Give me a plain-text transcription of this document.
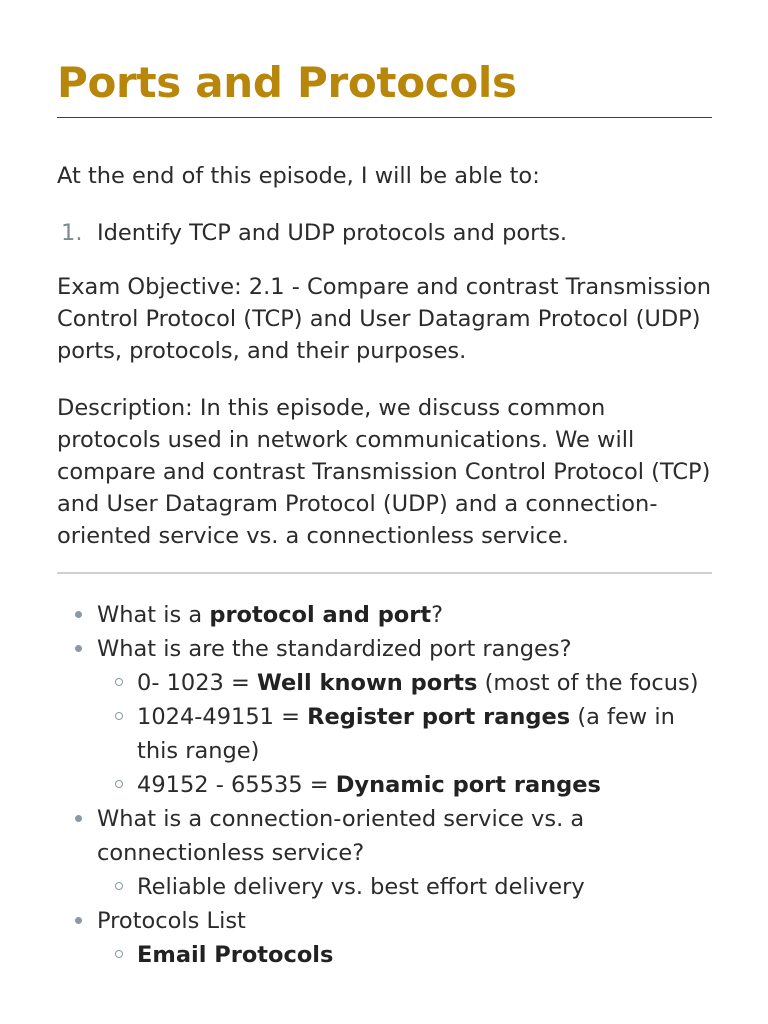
Ports and Protocols

At the end of this episode, I will be able to:

1. Identify TCP and UDP protocols and ports.

Exam Objective: 2.1 - Compare and contrast Transmission Control Protocol (TCP) and User Datagram Protocol (UDP) ports, protocols, and their purposes.

Description: In this episode, we discuss common protocols used in network communications. We will compare and contrast Transmission Control Protocol (TCP) and User Datagram Protocol (UDP) and a connection-oriented service vs. a connectionless service.

What is a protocol and port?
What is are the standardized port ranges?
0- 1023 = Well known ports (most of the focus)
1024-49151 = Register port ranges (a few in this range)
49152 - 65535 = Dynamic port ranges
What is a connection-oriented service vs. a connectionless service?
Reliable delivery vs. best effort delivery
Protocols List
Email Protocols
